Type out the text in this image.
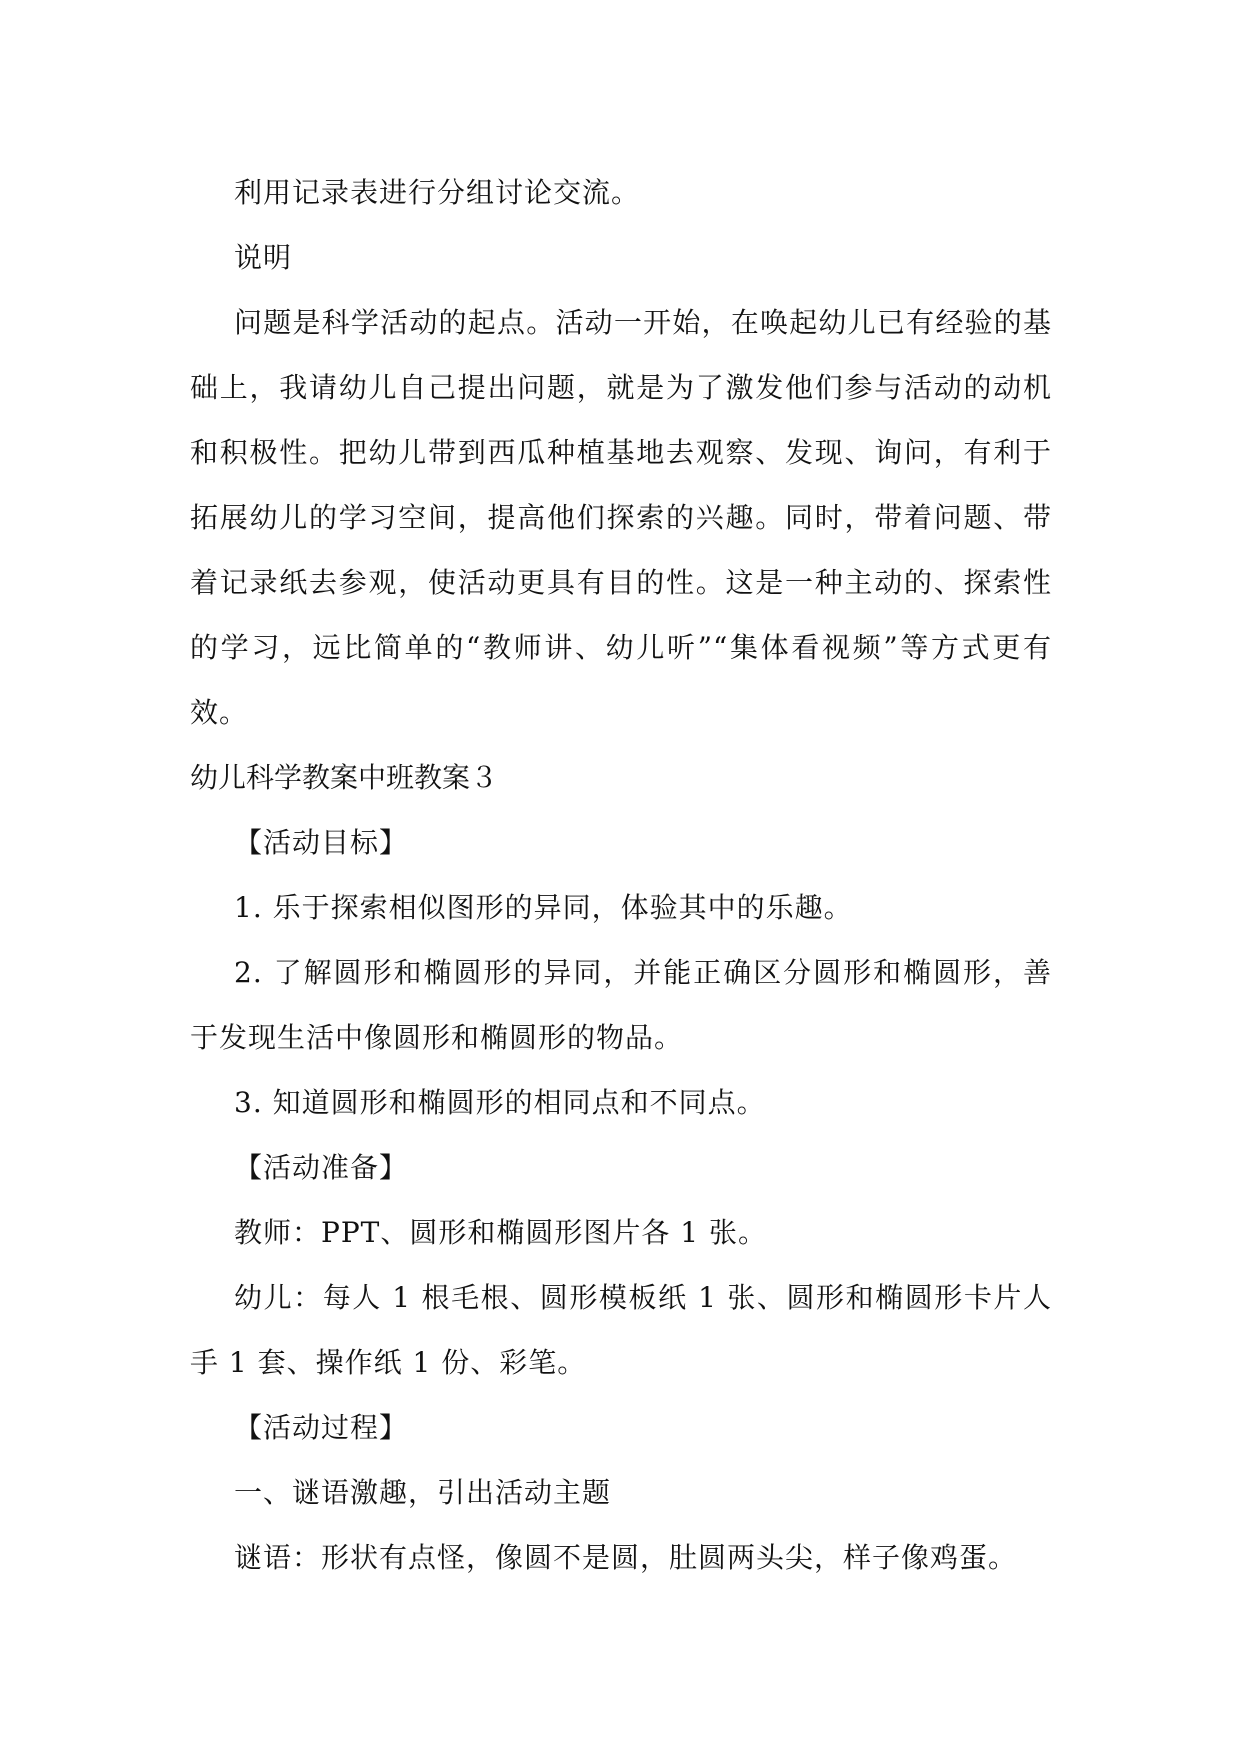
利用记录表进行分组讨论交流。

说明

问题是科学活动的起点。活动一开始，在唤起幼儿已有经验的基础上，我请幼儿自己提出问题，就是为了激发他们参与活动的动机和积极性。把幼儿带到西瓜种植基地去观察、发现、询问，有利于拓展幼儿的学习空间，提高他们探索的兴趣。同时，带着问题、带着记录纸去参观，使活动更具有目的性。这是一种主动的、探索性的学习，远比简单的“教师讲、幼儿听”“集体看视频”等方式更有效。

幼儿科学教案中班教案３

【活动目标】

1. 乐于探索相似图形的异同，体验其中的乐趣。

2. 了解圆形和椭圆形的异同，并能正确区分圆形和椭圆形，善于发现生活中像圆形和椭圆形的物品。

3. 知道圆形和椭圆形的相同点和不同点。

【活动准备】

教师：PPT、圆形和椭圆形图片各 1 张。

幼儿：每人 1 根毛根、圆形模板纸 1 张、圆形和椭圆形卡片人手 1 套、操作纸 1 份、彩笔。

【活动过程】

一、谜语激趣，引出活动主题

谜语：形状有点怪，像圆不是圆，肚圆两头尖，样子像鸡蛋。
